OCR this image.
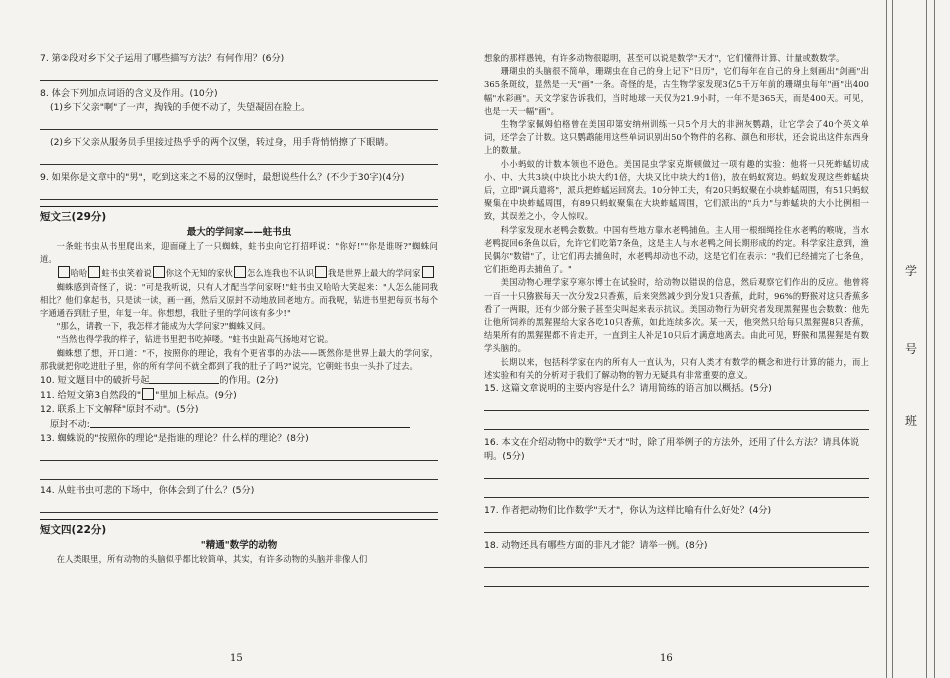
7. 第②段对乡下父子运用了哪些描写方法？有何作用？(6分)

8. 体会下列加点词语的含义及作用。(10分)

(1)乡下父亲"啊"了一声，掏钱的手便不动了，失望凝固在脸上。

(2)乡下父亲从服务员手里接过热乎乎的两个汉堡，转过身，用手背悄悄擦了下眼睛。

9. 如果你是文章中的"男"，吃到这来之不易的汉堡时，最想说些什么？(不少于30字)(4分)

短文三(29分)

最大的学问家——蛀书虫

一条蛀书虫从书里爬出来，迎面碰上了一只蜘蛛，蛀书虫向它打招呼说："你好!""你是谁呀?"蜘蛛问道。

哈哈 蛀书虫笑着说 你这个无知的家伙 怎么连我也不认识 我是世界上最大的学问家

蜘蛛感到奇怪了，说："可是我听说，只有人才配当学问家呀!"蛀书虫又哈哈大笑起来："人怎么能同我相比？他们拿起书，只是读一读，画一画，然后又原封不动地放回老地方。而我呢，钻进书里把每页书每个字通通吞到肚子里，年复一年。你想想，我肚子里的学问该有多少!"

"那么，请教一下，我怎样才能成为大学问家?"蜘蛛又问。

"当然也得学我的样子，钻进书里把书吃掉喽。"蛀书虫趾高气扬地对它说。

蜘蛛想了想，开口道："不，按照你的理论，我有个更省事的办法——既然你是世界上最大的学问家，那我就把你吃进肚子里，你的所有学问不就全都到了我的肚子了吗?"说完，它朝蛀书虫一头扑了过去。

10. 短文题目中的破折号起	的作用。(2分)

11. 给短文第3自然段的" "里加上标点。(9分)

12. 联系上下文解释"原封不动"。(5分)

原封不动:

13. 蜘蛛说的"按照你的理论"是指谁的理论？什么样的理论？(8分)

14. 从蛀书虫可悲的下场中，你体会到了什么？(5分)

短文四(22分)

"精通"数学的动物

在人类眼里，所有动物的头脑似乎都比较简单，其实，有许多动物的头脑并非像人们

15

想象的那样愚钝，有许多动物很聪明，甚至可以说是数学"天才"，它们懂得计算、计量或数数学。

珊瑚虫的头脑很不简单，珊瑚虫在自己的身上记下"日历"，它们每年在自己的身上刻画出"剑画"出365条斑纹，显然是一天"画"一条。奇怪的是，古生物学家发现3亿5千万年前的珊瑚虫每年"画"出400幅"水彩画"。天文学家告诉我们，当时地球一天仅为21.9小时，一年不是365天，而是400天。可见，也是一天一幅"画"。

生物学家佩姆伯格曾在美国印第安纳州训练一只5个月大的非洲灰鹦鹉，让它学会了40个英文单词，还学会了计数。这只鹦鹉能用这些单词识别出50个物件的名称、颜色和形状，还会说出这件东西身上的数量。

小小蚂蚁的计数本领也不逊色。美国昆虫学家克斯顿做过一项有趣的实验：他将一只死蚱蜢切成小、中、大共3块(中块比小块大约1倍，大块又比中块大约1倍)，放在蚂蚁窝边。蚂蚁发现这些蚱蜢块后，立即"调兵遣将"，派兵把蚱蜢运回窝去。10分钟工夫，有20只蚂蚁聚在小块蚱蜢周围，有51只蚂蚁聚集在中块蚱蜢周围，有89只蚂蚁聚集在大块蚱蜢周围，它们派出的"兵力"与蚱蜢块的大小比例相一致，其误差之小，令人惊叹。

科学家发现水老鸭会数数。中国有些地方靠水老鸭捕鱼。主人用一根细绳拴住水老鸭的喉咙，当水老鸭捉回6条鱼以后，允许它们吃第7条鱼，这是主人与水老鸭之间长期形成的约定。科学家注意到，渔民偶尔"数错"了，让它们再去捕鱼时，水老鸭却动也不动，这是它们在表示："我们已经捕完了七条鱼，它们拒绝再去捕鱼了。"

美国动物心理学家亨寒尔博士在试验时，给动物以错误的信息，然后观察它们作出的反应。他曾将一百一十只猕猴每天一次分发2只香蕉，后来突然减少到分发1只香蕉，此时，96%的野猴对这只香蕉多看了一两眼，还有少部分猴子甚至尖叫起来表示抗议。美国动物行为研究者发现黑猩猩也会数数：他先让他所饲养的黑猩猩给大家各吃10只香蕉，如此连续多次。某一天，他突然只给每只黑猩猩8只香蕉，结果所有的黑猩猩都不肯走开，一直到主人补足10只后才满意地离去。由此可见，野猴和黑猩猩是有数学头脑的。

长期以来，包括科学家在内的所有人一直认为，只有人类才有数学的概念和进行计算的能力，而上述实验和有关的分析对于我们了解动物的智力无疑具有非常重要的意义。

15. 这篇文章说明的主要内容是什么？请用简练的语言加以概括。(5分)

16. 本文在介绍动物中的数学"天才"时，除了用举例子的方法外，还用了什么方法？请具体说明。(5分)

17. 作者把动物们比作数学"天才"，你认为这样比喻有什么好处？(4分)

18. 动物还具有哪些方面的非凡才能？请举一例。(8分)

16
学
号
班
